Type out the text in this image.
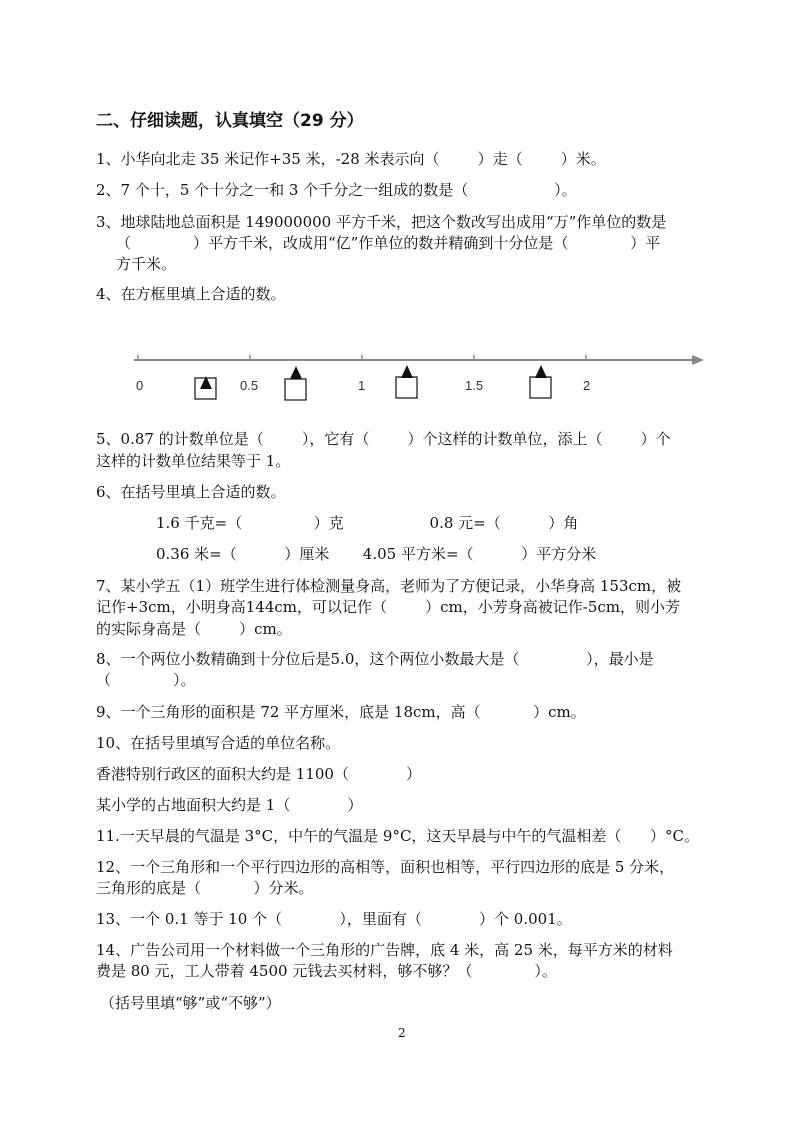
二、仔细读题，认真填空（29 分）
1、小华向北走 35 米记作+35 米，-28 米表示向（        ）走（        ）米。
2、7 个十，5 个十分之一和 3 个千分之一组成的数是（                  ）。
3、地球陆地总面积是 149000000 平方千米，把这个数改写出成用“万”作单位的数是
（             ）平方千米，改成用“亿”作单位的数并精确到十分位是（             ）平
方千米。
4、在方框里填上合适的数。
0	0.5	1	1.5	2
5、0.87 的计数单位是（        ），它有（        ）个这样的计数单位，添上（        ）个
这样的计数单位结果等于 1。
6、在括号里填上合适的数。
1.6 千克=（               ）克                  0.8 元=（          ）角
0.36 米=（          ）厘米       4.05 平方米=（          ）平方分米
7、某小学五（1）班学生进行体检测量身高，老师为了方便记录，小华身高 153cm，被
记作+3cm，小明身高144cm，可以记作（        ）cm，小芳身高被记作-5cm，则小芳
的实际身高是（        ）cm。
8、一个两位小数精确到十分位后是5.0，这个两位小数最大是（              ），最小是
（             ）。
9、一个三角形的面积是 72 平方厘米，底是 18cm，高（           ）cm。
10、在括号里填写合适的单位名称。
香港特别行政区的面积大约是 1100（            ）
某小学的占地面积大约是 1（            ）
11.一天早晨的气温是 3°C，中午的气温是 9°C，这天早晨与中午的气温相差（      ）°C。
12、一个三角形和一个平行四边形的高相等，面积也相等，平行四边形的底是 5 分米，
三角形的底是（           ）分米。
13、一个 0.1 等于 10 个（            ），里面有（            ）个 0.001。
14、广告公司用一个材料做一个三角形的广告牌，底 4 米，高 25 米，每平方米的材料
费是 80 元，工人带着 4500 元钱去买材料，够不够？（             ）。
（括号里填“够”或“不够”）
2
